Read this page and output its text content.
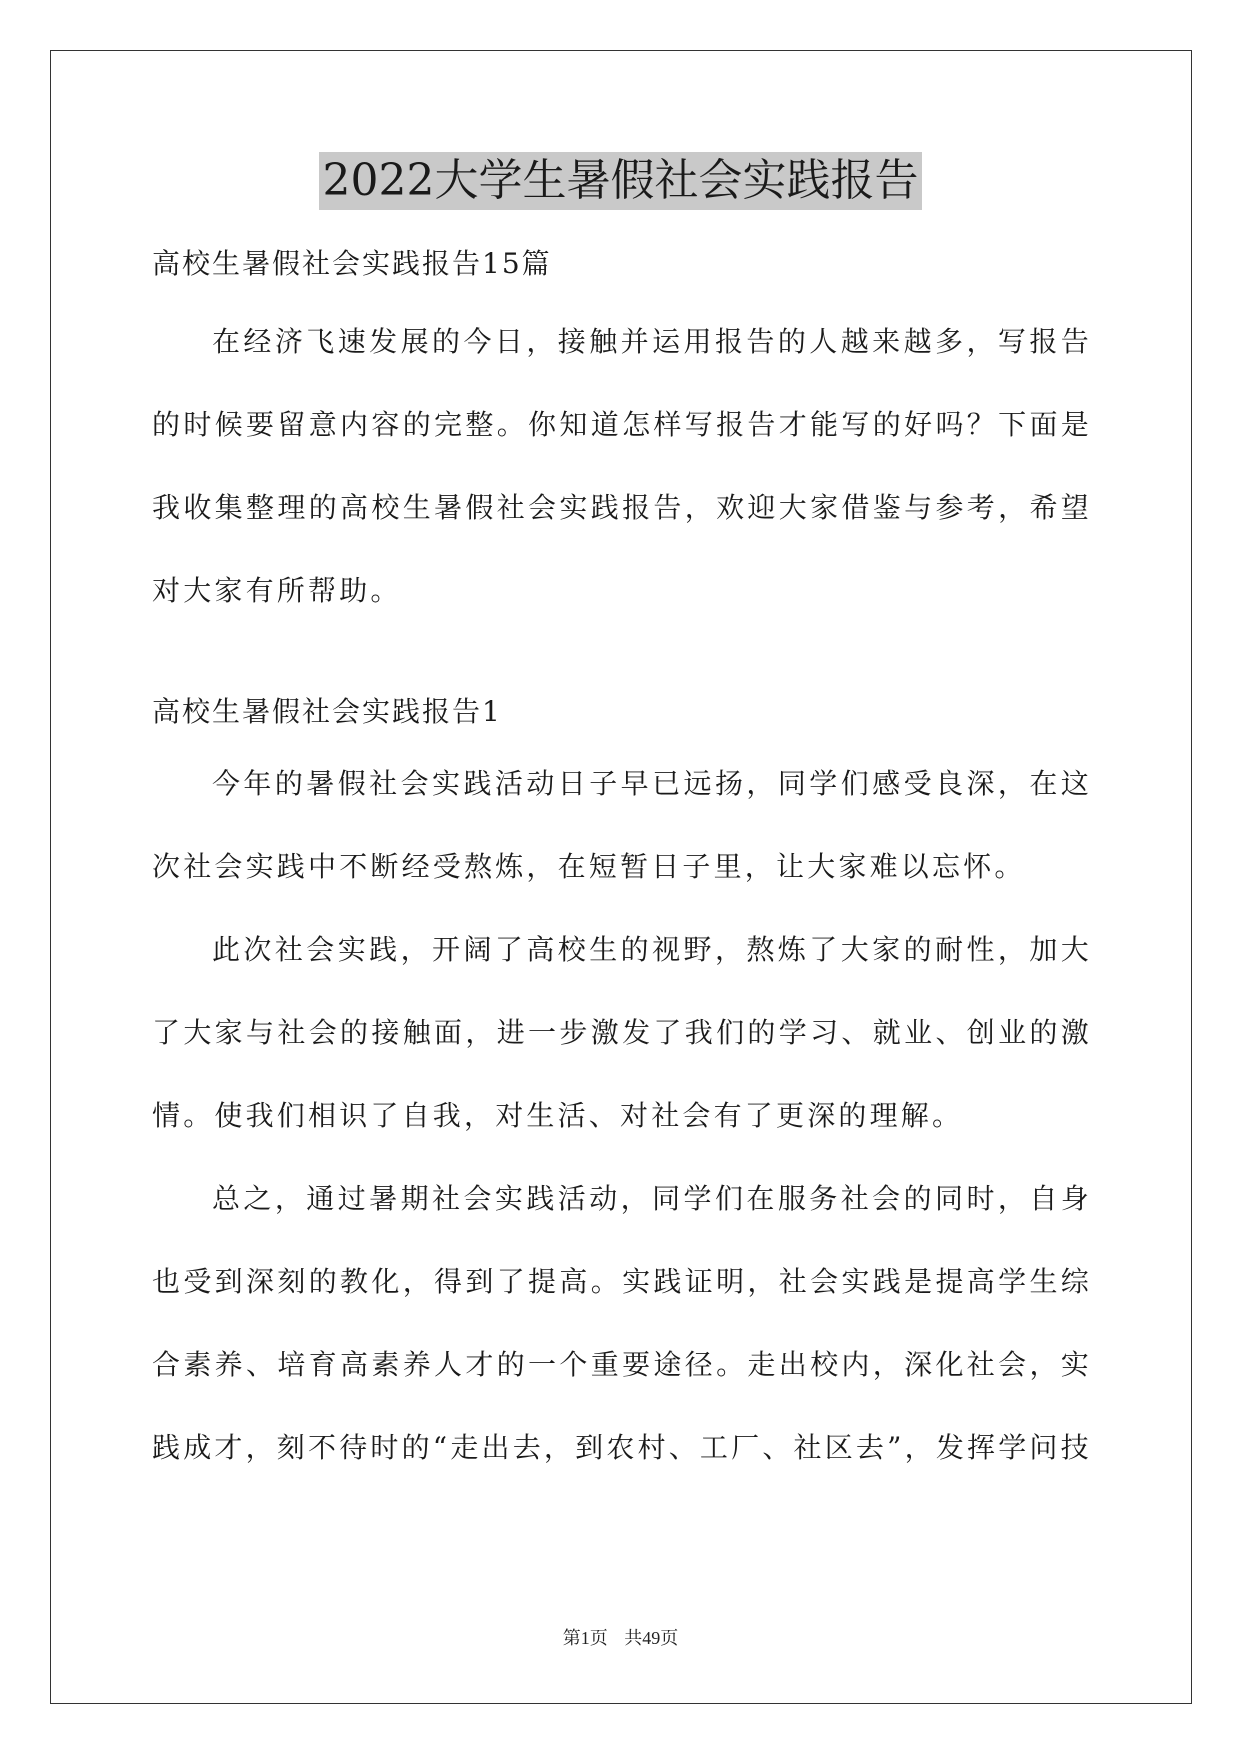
2022大学生暑假社会实践报告

高校生暑假社会实践报告15篇

在经济飞速发展的今日，接触并运用报告的人越来越多，写报告的时候要留意内容的完整。你知道怎样写报告才能写的好吗？下面是我收集整理的高校生暑假社会实践报告，欢迎大家借鉴与参考，希望对大家有所帮助。

高校生暑假社会实践报告1

今年的暑假社会实践活动日子早已远扬，同学们感受良深，在这次社会实践中不断经受熬炼，在短暂日子里，让大家难以忘怀。

此次社会实践，开阔了高校生的视野，熬炼了大家的耐性，加大了大家与社会的接触面，进一步激发了我们的学习、就业、创业的激情。使我们相识了自我，对生活、对社会有了更深的理解。

总之，通过暑期社会实践活动，同学们在服务社会的同时，自身也受到深刻的教化，得到了提高。实践证明，社会实践是提高学生综合素养、培育高素养人才的一个重要途径。走出校内，深化社会，实践成才，刻不待时的“走出去，到农村、工厂、社区去”，发挥学问技

第1页 共49页
